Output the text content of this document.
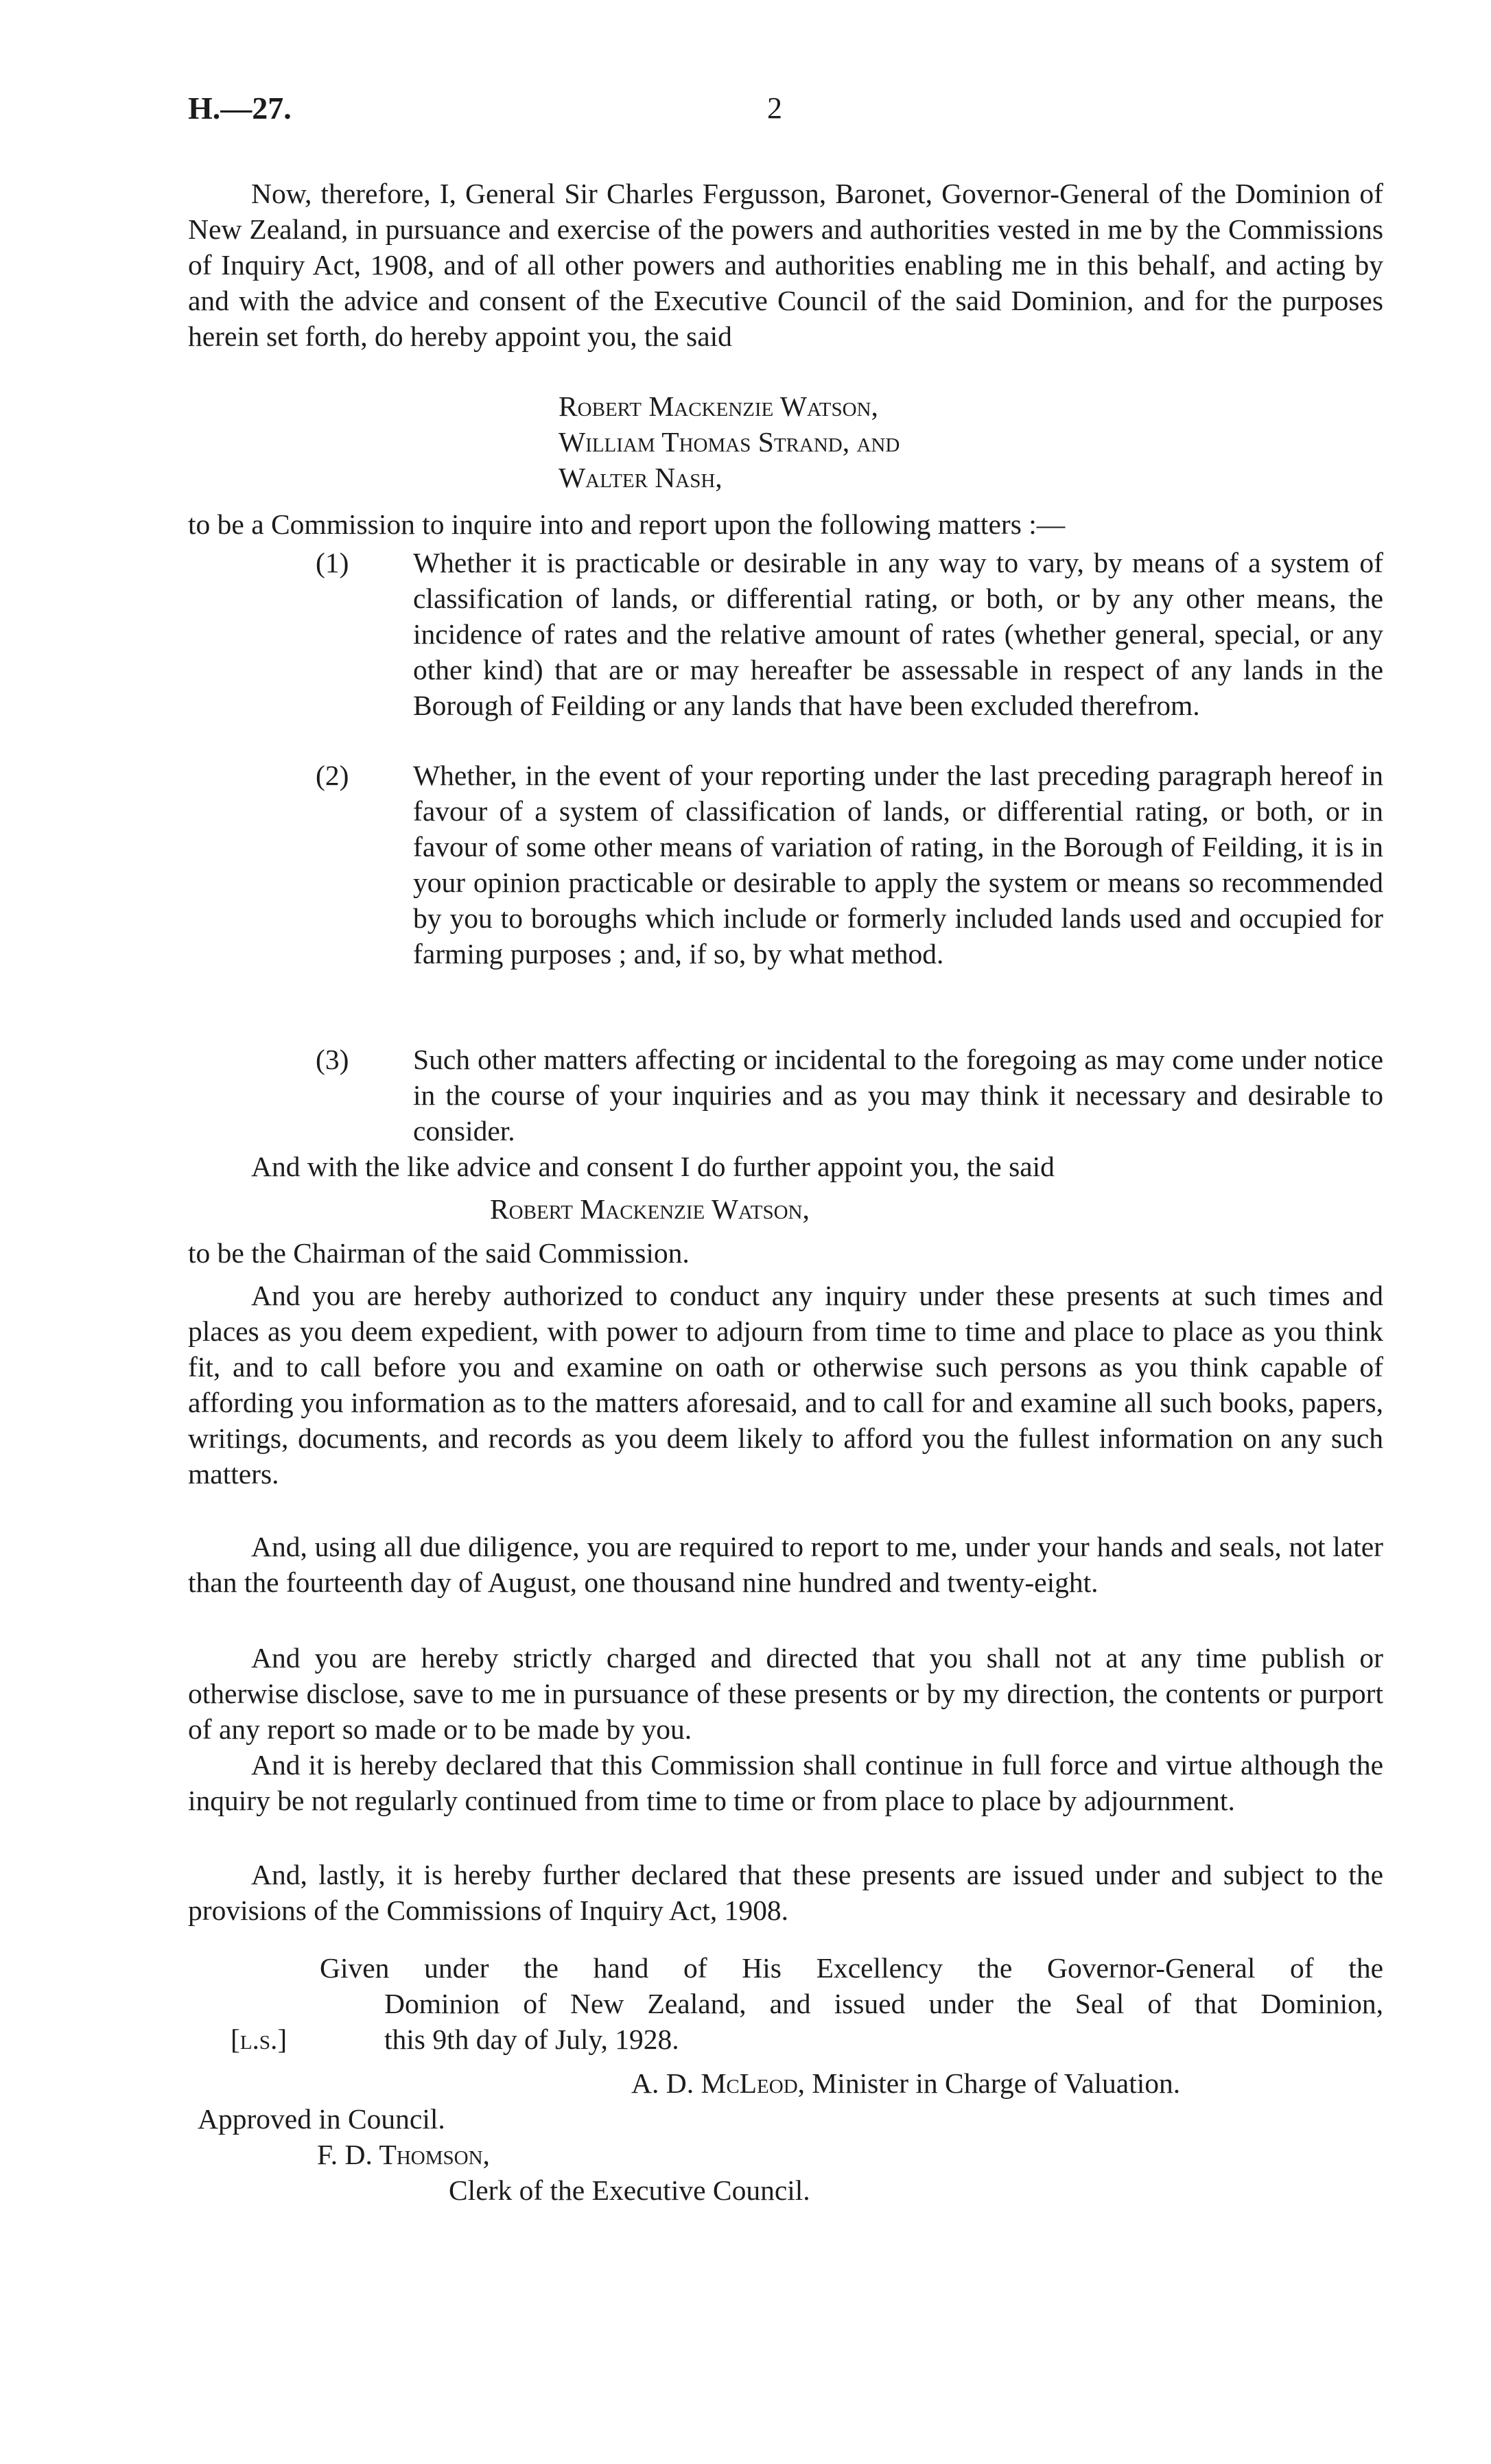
H.—27.	2

Now, therefore, I, General Sir Charles Fergusson, Baronet, Governor-General of the Dominion of New Zealand, in pursuance and exercise of the powers and authorities vested in me by the Commissions of Inquiry Act, 1908, and of all other powers and authorities enabling me in this behalf, and acting by and with the advice and consent of the Executive Council of the said Dominion, and for the purposes herein set forth, do hereby appoint you, the said

Robert Mackenzie Watson,
William Thomas Strand, and
Walter Nash,
to be a Commission to inquire into and report upon the following matters :—
(1) Whether it is practicable or desirable in any way to vary, by means of a system of classification of lands, or differential rating, or both, or by any other means, the incidence of rates and the relative amount of rates (whether general, special, or any other kind) that are or may hereafter be assessable in respect of any lands in the Borough of Feilding or any lands that have been excluded therefrom.

(2) Whether, in the event of your reporting under the last preceding paragraph hereof in favour of a system of classification of lands, or differential rating, or both, or in favour of some other means of variation of rating, in the Borough of Feilding, it is in your opinion practicable or desirable to apply the system or means so recommended by you to boroughs which include or formerly included lands used and occupied for farming purposes ; and, if so, by what method.

(3) Such other matters affecting or incidental to the foregoing as may come under notice in the course of your inquiries and as you may think it necessary and desirable to consider.

And with the like advice and consent I do further appoint you, the said
Robert Mackenzie Watson,
to be the Chairman of the said Commission.

And you are hereby authorized to conduct any inquiry under these presents at such times and places as you deem expedient, with power to adjourn from time to time and place to place as you think fit, and to call before you and examine on oath or otherwise such persons as you think capable of affording you information as to the matters aforesaid, and to call for and examine all such books, papers, writings, documents, and records as you deem likely to afford you the fullest information on any such matters.

And, using all due diligence, you are required to report to me, under your hands and seals, not later than the fourteenth day of August, one thousand nine hundred and twenty-eight.

And you are hereby strictly charged and directed that you shall not at any time publish or otherwise disclose, save to me in pursuance of these presents or by my direction, the contents or purport of any report so made or to be made by you.

And it is hereby declared that this Commission shall continue in full force and virtue although the inquiry be not regularly continued from time to time or from place to place by adjournment.

And, lastly, it is hereby further declared that these presents are issued under and subject to the provisions of the Commissions of Inquiry Act, 1908.

Given under the hand of His Excellency the Governor-General of the
Dominion of New Zealand, and issued under the Seal of that Dominion,
[l.s.]	this 9th day of July, 1928.
A. D. McLeod, Minister in Charge of Valuation.
Approved in Council.
F. D. Thomson,
Clerk of the Executive Council.
